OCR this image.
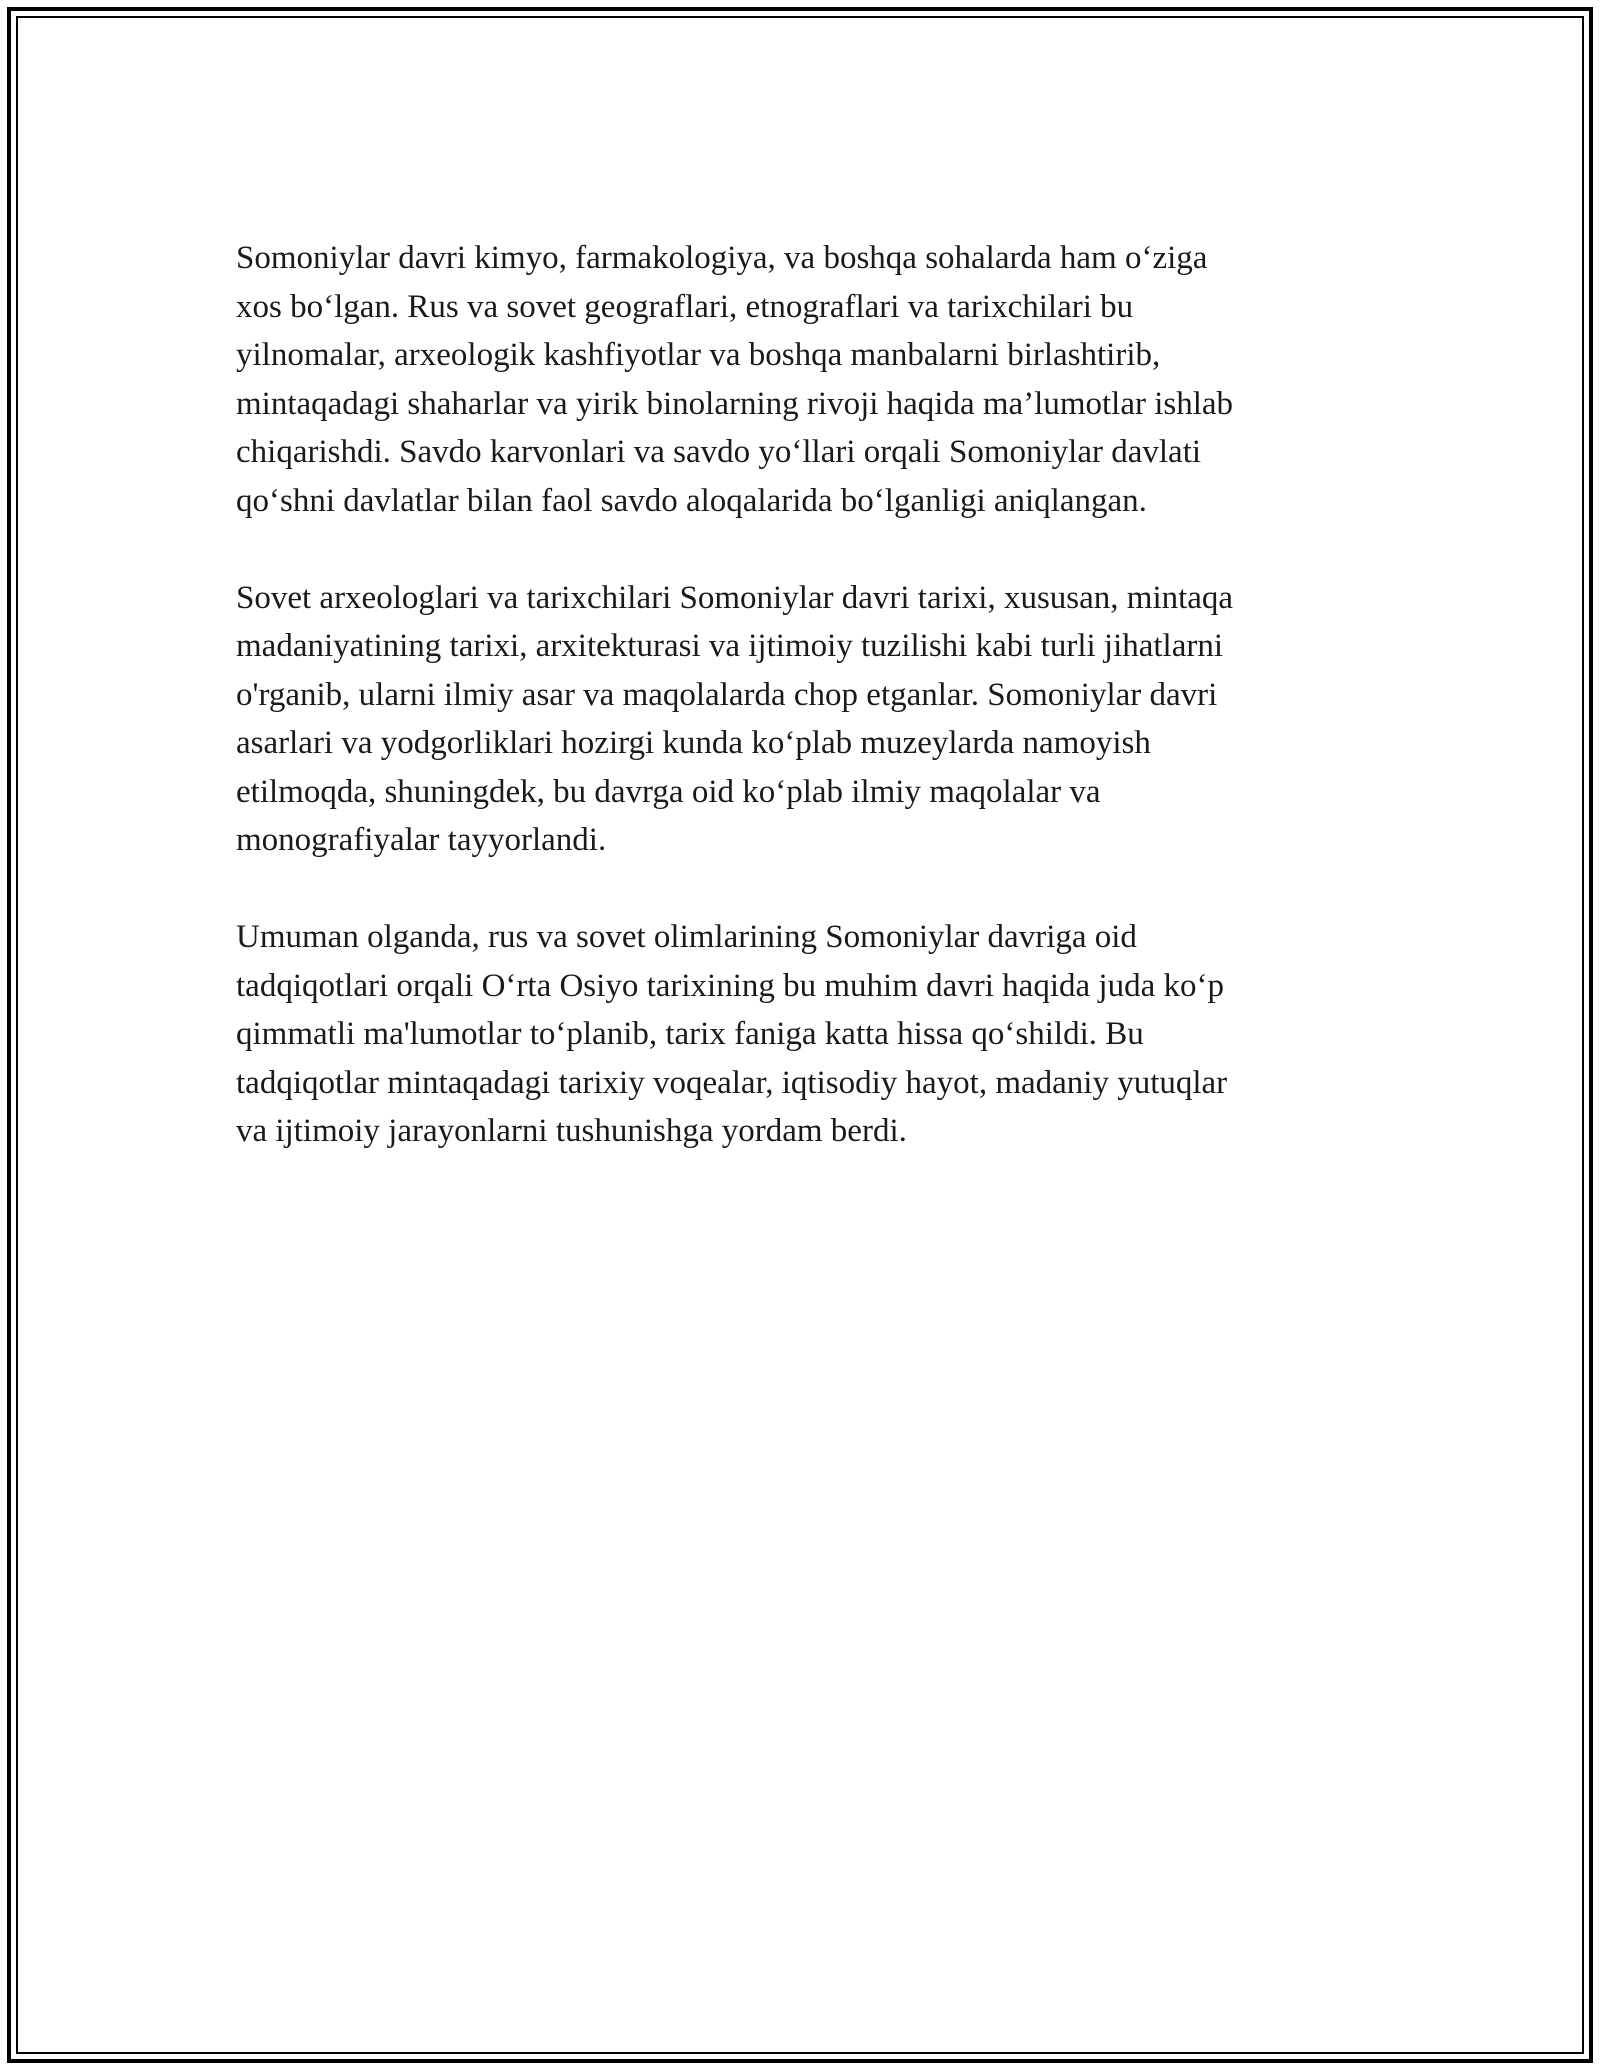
Somoniylar davri kimyo, farmakologiya, va boshqa sohalarda ham o‘ziga
xos bo‘lgan. Rus va sovet geograflari, etnograflari va tarixchilari bu
yilnomalar, arxeologik kashfiyotlar va boshqa manbalarni birlashtirib,
mintaqadagi shaharlar va yirik binolarning rivoji haqida ma’lumotlar ishlab
chiqarishdi. Savdo karvonlari va savdo yo‘llari orqali Somoniylar davlati
qo‘shni davlatlar bilan faol savdo aloqalarida bo‘lganligi aniqlangan.

Sovet arxeologlari va tarixchilari Somoniylar davri tarixi, xususan, mintaqa
madaniyatining tarixi, arxitekturasi va ijtimoiy tuzilishi kabi turli jihatlarni
o'rganib, ularni ilmiy asar va maqolalarda chop etganlar. Somoniylar davri
asarlari va yodgorliklari hozirgi kunda ko‘plab muzeylarda namoyish
etilmoqda, shuningdek, bu davrga oid ko‘plab ilmiy maqolalar va
monografiyalar tayyorlandi.

Umuman olganda, rus va sovet olimlarining Somoniylar davriga oid
tadqiqotlari orqali O‘rta Osiyo tarixining bu muhim davri haqida juda ko‘p
qimmatli ma'lumotlar to‘planib, tarix faniga katta hissa qo‘shildi. Bu
tadqiqotlar mintaqadagi tarixiy voqealar, iqtisodiy hayot, madaniy yutuqlar
va ijtimoiy jarayonlarni tushunishga yordam berdi.
